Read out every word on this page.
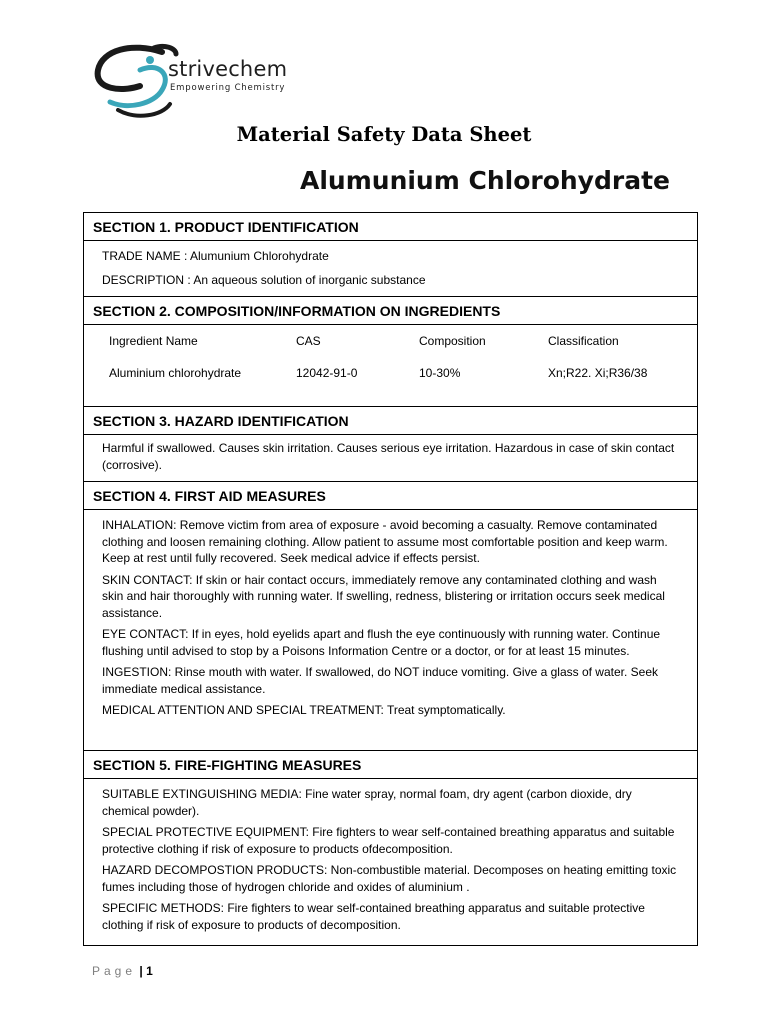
strivechem
Empowering Chemistry
Material Safety Data Sheet
Alumunium Chlorohydrate
SECTION 1. PRODUCT IDENTIFICATION

TRADE NAME : Alumunium Chlorohydrate

DESCRIPTION : An aqueous solution of inorganic substance

SECTION 2. COMPOSITION/INFORMATION ON INGREDIENTS
Ingredient Name	CAS	Composition	Classification
Aluminium chlorohydrate	12042-91-0	10-30%	Xn;R22. Xi;R36/38
SECTION 3. HAZARD IDENTIFICATION

Harmful if swallowed. Causes skin irritation. Causes serious eye irritation. Hazardous in case of skin contact (corrosive).

SECTION 4. FIRST AID MEASURES

INHALATION: Remove victim from area of exposure - avoid becoming a casualty. Remove contaminated clothing and loosen remaining clothing. Allow patient to assume most comfortable position and keep warm. Keep at rest until fully recovered. Seek medical advice if effects persist.

SKIN CONTACT: If skin or hair contact occurs, immediately remove any contaminated clothing and wash skin and hair thoroughly with running water. If swelling, redness, blistering or irritation occurs seek medical assistance.

EYE CONTACT: If in eyes, hold eyelids apart and flush the eye continuously with running water. Continue flushing until advised to stop by a Poisons Information Centre or a doctor, or for at least 15 minutes.

INGESTION: Rinse mouth with water. If swallowed, do NOT induce vomiting. Give a glass of water. Seek immediate medical assistance.

MEDICAL ATTENTION AND SPECIAL TREATMENT: Treat symptomatically.

SECTION 5. FIRE-FIGHTING MEASURES

SUITABLE EXTINGUISHING MEDIA: Fine water spray, normal foam, dry agent (carbon dioxide, dry chemical powder).

SPECIAL PROTECTIVE EQUIPMENT: Fire fighters to wear self-contained breathing apparatus and suitable protective clothing if risk of exposure to products ofdecomposition.

HAZARD DECOMPOSTION PRODUCTS: Non-combustible material. Decomposes on heating emitting toxic fumes including those of hydrogen chloride and oxides of aluminium .

SPECIFIC METHODS: Fire fighters to wear self-contained breathing apparatus and suitable protective clothing if risk of exposure to products of decomposition.

Page | 1
